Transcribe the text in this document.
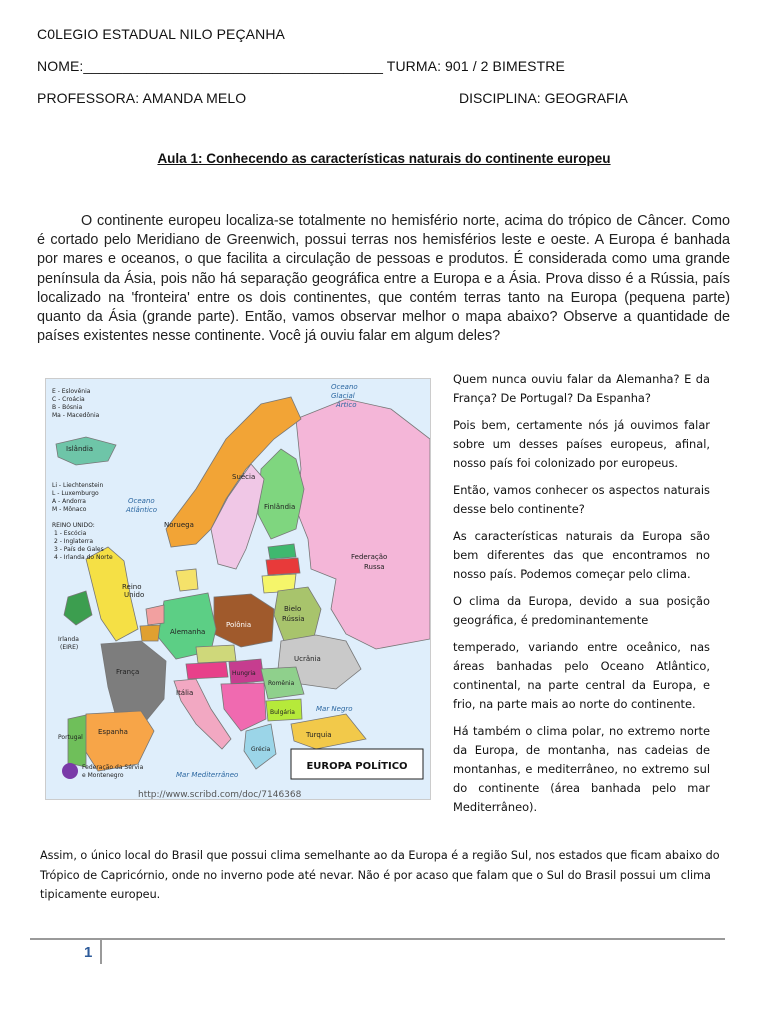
C0LEGIO ESTADUAL NILO PEÇANHA
NOME:______________________________________ TURMA: 901 / 2 BIMESTRE
PROFESSORA: AMANDA MELO	DISCIPLINA: GEOGRAFIA
Aula 1: Conhecendo as características naturais do continente europeu
O continente europeu localiza-se totalmente no hemisfério norte, acima do trópico de Câncer. Como é cortado pelo Meridiano de Greenwich, possui terras nos hemisférios leste e oeste. A Europa é banhada por mares e oceanos, o que facilita a circulação de pessoas e produtos. É considerada como uma grande península da Ásia, pois não há separação geográfica entre a Europa e a Ásia. Prova disso é a Rússia, país localizado na 'fronteira' entre os dois continentes, que contém terras tanto na Europa (pequena parte) quanto da Ásia (grande parte). Então, vamos observar melhor o mapa abaixo? Observe a quantidade de países existentes nesse continente. Você já ouviu falar em algum deles?
Oceano
Glacial
Ártico
Oceano
Atlântico
Islândia
Noruega
Suécia
Finlândia
Federação
Russa
Reino
Unido
Irlanda
(EIRE)
Alemanha
Polônia
Bielo
Rússia
Ucrânia
França
Espanha
Portugal
Itália
Hungria
Romênia
Bulgária
Turquia
Grécia
Mar Negro
Mar Mediterrâneo
E - Eslovênia
C - Croácia
B - Bósnia
Ma - Macedônia
Li - Liechtenstein
L - Luxemburgo
A - Andorra
M - Mônaco
REINO UNIDO:
1 - Escócia
2 - Inglaterra
3 - País de Gales
4 - Irlanda do Norte
Federação da Sérvia
e Montenegro
EUROPA POLÍTICO
http://www.scribd.com/doc/7146368

Quem nunca ouviu falar da Alemanha? E da França? De Portugal? Da Espanha?

Pois bem, certamente nós já ouvimos falar sobre um desses países europeus, afinal, nosso país foi colonizado por europeus.

Então, vamos conhecer os aspectos naturais desse belo continente?

As características naturais da Europa são bem diferentes das que encontramos no nosso país. Podemos começar pelo clima.

O clima da Europa, devido a sua posição geográfica, é predominantemente

temperado, variando entre oceânico, nas áreas banhadas pelo Oceano Atlântico, continental, na parte central da Europa, e frio, na parte mais ao norte do continente.

Há também o clima polar, no extremo norte da Europa, de montanha, nas cadeias de montanhas, e mediterrâneo, no extremo sul do continente (área banhada pelo mar Mediterrâneo).

Assim, o único local do Brasil que possui clima semelhante ao da Europa é a região Sul, nos estados que ficam abaixo do Trópico de Capricórnio, onde no inverno pode até nevar. Não é por acaso que falam que o Sul do Brasil possui um clima tipicamente europeu.
1
